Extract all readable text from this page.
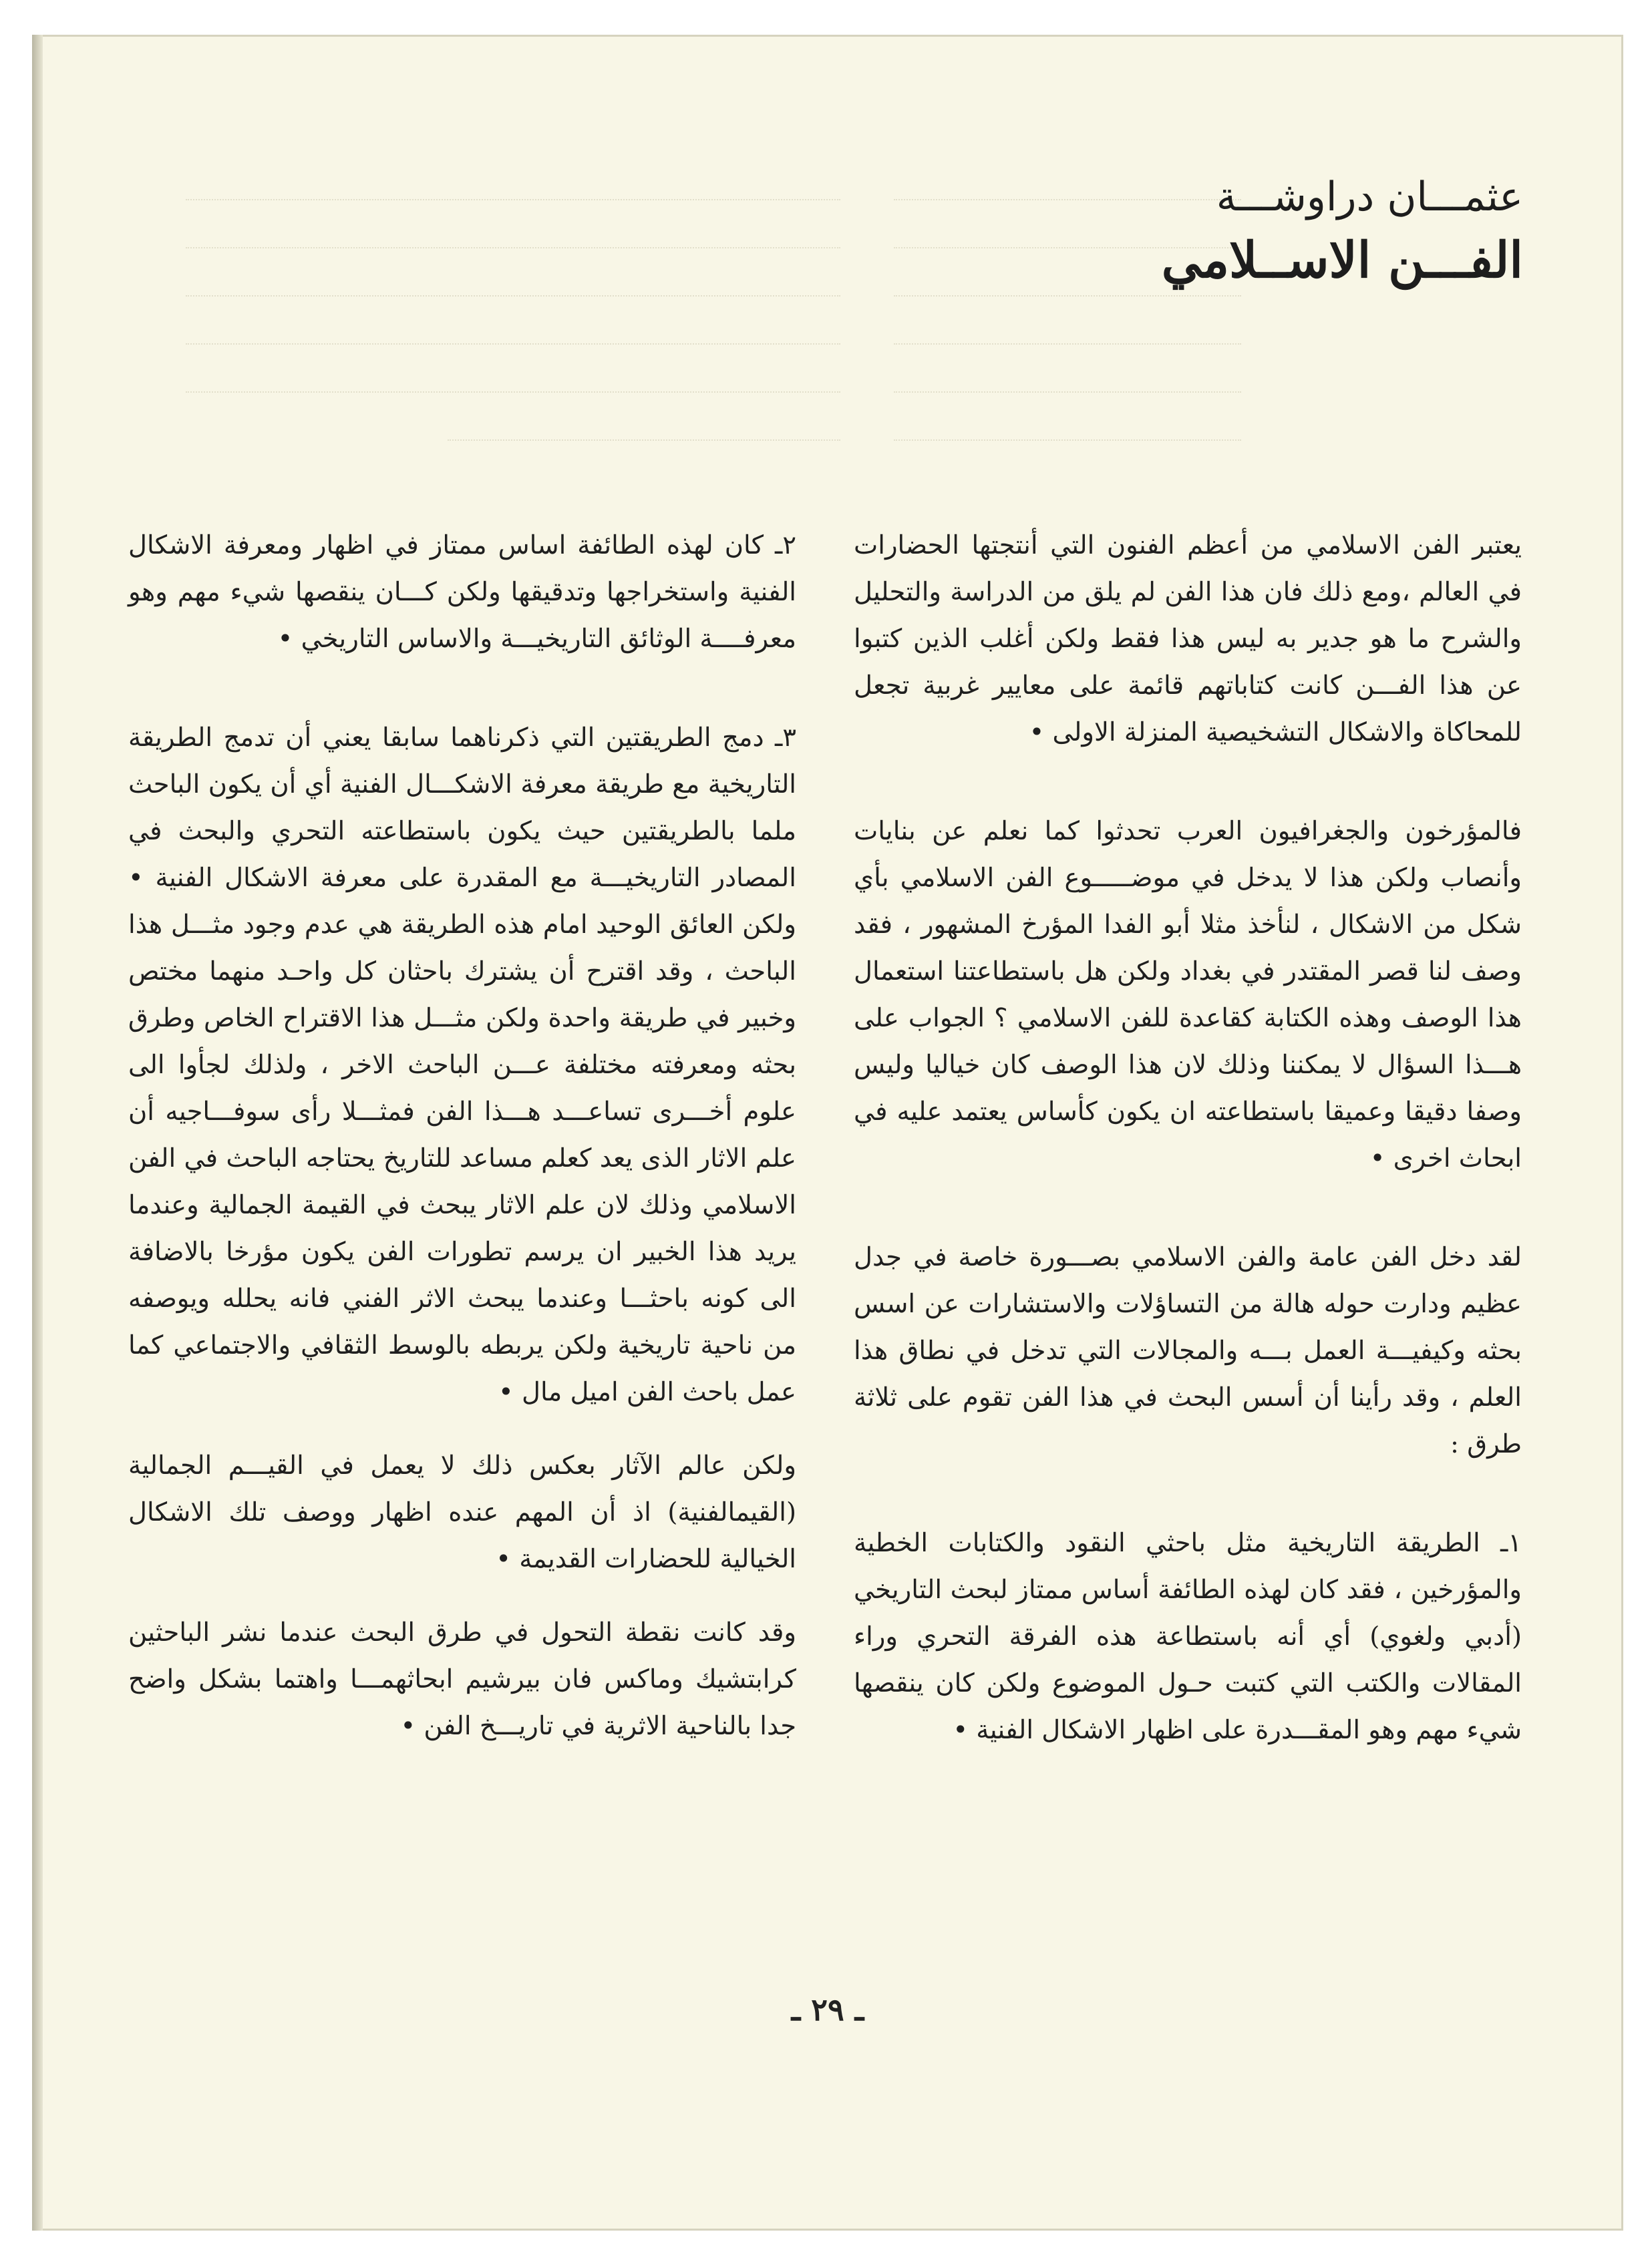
عثمـــان دراوشـــة

الفـــن الاســلامي

يعتبر الفن الاسلامي من أعظم الفنون التي أنتجتها الحضارات في العالم ،ومع ذلك فان هذا الفن لم يلق من الدراسة والتحليل والشرح ما هو جدير به ليس هذا فقط ولكن أغلب الذين كتبوا عن هذا الفـــن كانت كتاباتهم قائمة على معايير غربية تجعل للمحاكاة والاشكال التشخيصية المنزلة الاولى •

فالمؤرخون والجغرافيون العرب تحدثوا كما نعلم عن بنايات وأنصاب ولكن هذا لا يدخل في موضـــــوع الفن الاسلامي بأي شكل من الاشكال ، لنأخذ مثلا أبو الفدا المؤرخ المشهور ، فقد وصف لنا قصر المقتدر في بغداد ولكن هل باستطاعتنا استعمال هذا الوصف وهذه الكتابة كقاعدة للفن الاسلامي ؟ الجواب على هـــذا السؤال لا يمكننا وذلك لان هذا الوصف كان خياليا وليس وصفا دقيقا وعميقا باستطاعته ان يكون كأساس يعتمد عليه في ابحاث اخرى •

لقد دخل الفن عامة والفن الاسلامي بصـــورة خاصة في جدل عظيم ودارت حوله هالة من التساؤلات والاستشارات عن اسس بحثه وكيفيـــة العمل بـــه والمجالات التي تدخل في نطاق هذا العلم ، وقد رأينا أن أسس البحث في هذا الفن تقوم على ثلاثة طرق :

١ـ الطريقة التاريخية مثل باحثي النقود والكتابات الخطية والمؤرخين ، فقد كان لهذه الطائفة أساس ممتاز لبحث التاريخي (أدبي ولغوي) أي أنه باستطاعة هذه الفرقة التحري وراء المقالات والكتب التي كتبت حـول الموضوع ولكن كان ينقصها شيء مهم وهو المقـــدرة على اظهار الاشكال الفنية •

٢ـ كان لهذه الطائفة اساس ممتاز في اظهار ومعرفة الاشكال الفنية واستخراجها وتدقيقها ولكن كـــان ينقصها شيء مهم وهو معرفــــة الوثائق التاريخيـــة والاساس التاريخي •

٣ـ دمج الطريقتين التي ذكرناهما سابقا يعني أن تدمج الطريقة التاريخية مع طريقة معرفة الاشكـــال الفنية أي أن يكون الباحث ملما بالطريقتين حيث يكون باستطاعته التحري والبحث في المصادر التاريخيـــة مع المقدرة على معرفة الاشكال الفنية • ولكن العائق الوحيد امام هذه الطريقة هي عدم وجود مثـــل هذا الباحث ، وقد اقترح أن يشترك باحثان كل واحـد منهما مختص وخبير في طريقة واحدة ولكن مثـــل هذا الاقتراح الخاص وطرق بحثه ومعرفته مختلفة عـــن الباحث الاخر ، ولذلك لجأوا الى علوم أخـــرى تساعـــد هـــذا الفن فمثـــلا رأى سوفـــاجيه أن علم الاثار الذى يعد كعلم مساعد للتاريخ يحتاجه الباحث في الفن الاسلامي وذلك لان علم الاثار يبحث في القيمة الجمالية وعندما يريد هذا الخبير ان يرسم تطورات الفن يكون مؤرخا بالاضافة الى كونه باحثـــا وعندما يبحث الاثر الفني فانه يحلله ويوصفه من ناحية تاريخية ولكن يربطه بالوسط الثقافي والاجتماعي كما عمل باحث الفن اميل مال •

ولكن عالم الآثار بعكس ذلك لا يعمل في القيـــم الجمالية (القيمالفنية) اذ أن المهم عنده اظهار ووصف تلك الاشكال الخيالية للحضارات القديمة •

وقد كانت نقطة التحول في طرق البحث عندما نشر الباحثين كرابتشيك وماكس فان بيرشيم ابحاثهمـــا واهتما بشكل واضح جدا بالناحية الاثرية في تاريـــخ الفن •

ـ ٢٩ ـ
